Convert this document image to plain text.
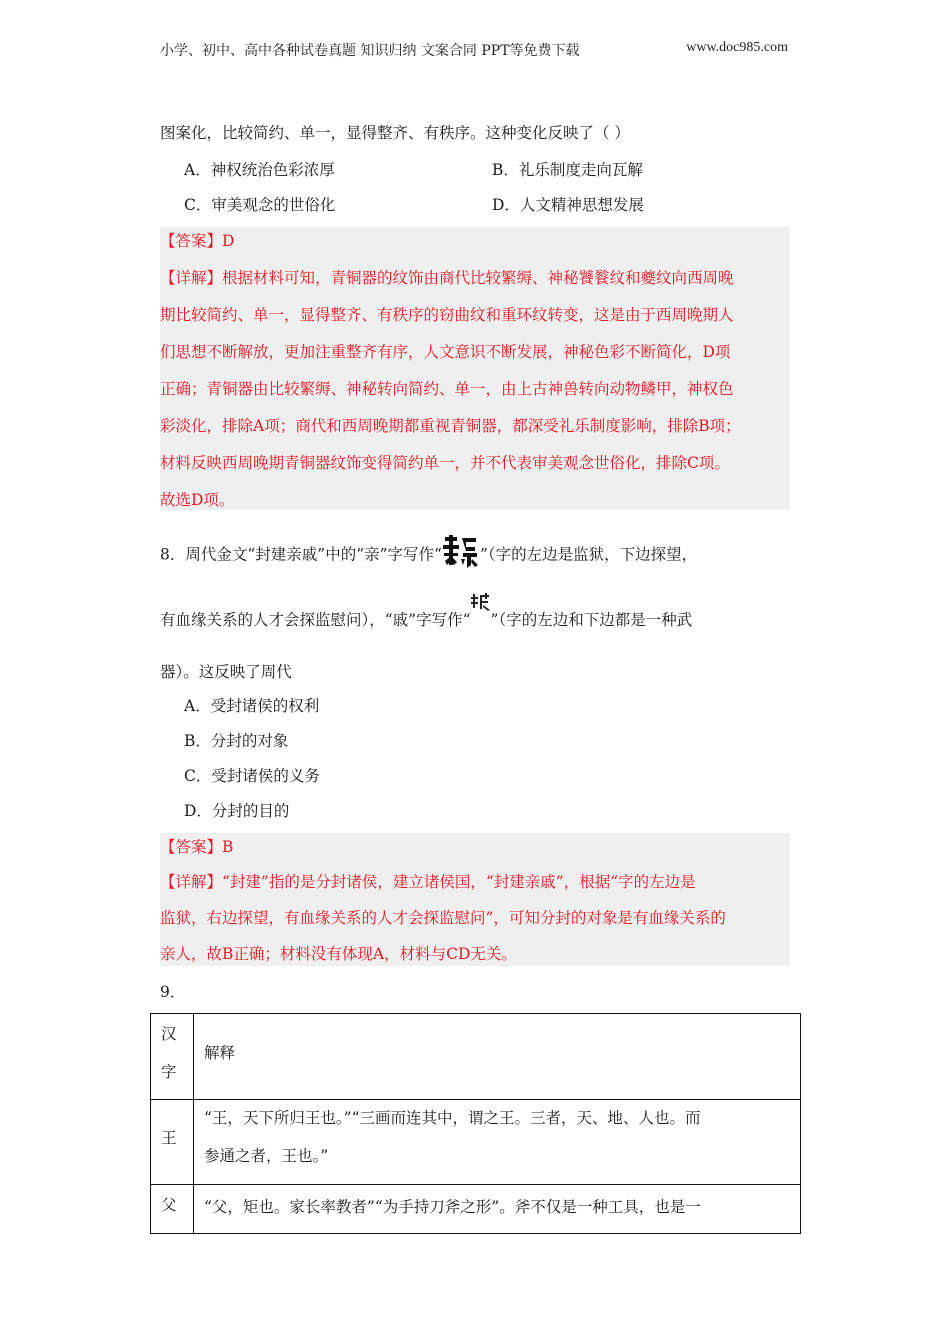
小学、初中、高中各种试卷真题 知识归纳 文案合同 PPT等免费下载	www.doc985.com
图案化，比较简约、单一，显得整齐、有秩序。这种变化反映了（ ）
A．神权统治色彩浓厚	B．礼乐制度走向瓦解
C．审美观念的世俗化	D．人文精神思想发展
【答案】D
【详解】根据材料可知，青铜器的纹饰由商代比较繁缛、神秘饕餮纹和夔纹向西周晚
期比较简约、单一，显得整齐、有秩序的窃曲纹和重环纹转变，这是由于西周晚期人
们思想不断解放，更加注重整齐有序，人文意识不断发展，神秘色彩不断简化，D项
正确；青铜器由比较繁缛、神秘转向简约、单一，由上古神兽转向动物鳞甲，神权色
彩淡化，排除A项；商代和西周晚期都重视青铜器，都深受礼乐制度影响，排除B项；
材料反映西周晚期青铜器纹饰变得简约单一，并不代表审美观念世俗化，排除C项。
故选D项。
8．周代金文“封建亲戚”中的“亲”字写作“ ”（字的左边是监狱，下边探望，
有血缘关系的人才会探监慰问），“戚”字写作“ ”（字的左边和下边都是一种武
器）。这反映了周代
A．受封诸侯的权利
B．分封的对象
C．受封诸侯的义务
D．分封的目的
【答案】B
【详解】“封建”指的是分封诸侯，建立诸侯国，“封建亲戚”，根据“字的左边是
监狱，右边探望，有血缘关系的人才会探监慰问”，可知分封的对象是有血缘关系的
亲人，故B正确；材料没有体现A，材料与CD无关。
9．
汉
字	解释

王	“王，天下所归王也。”“三画而连其中，谓之王。三者，天、地、人也。而
参通之者，王也。”

父	“父，矩也。家长率教者”“为手持刀斧之形”。斧不仅是一种工具，也是一
